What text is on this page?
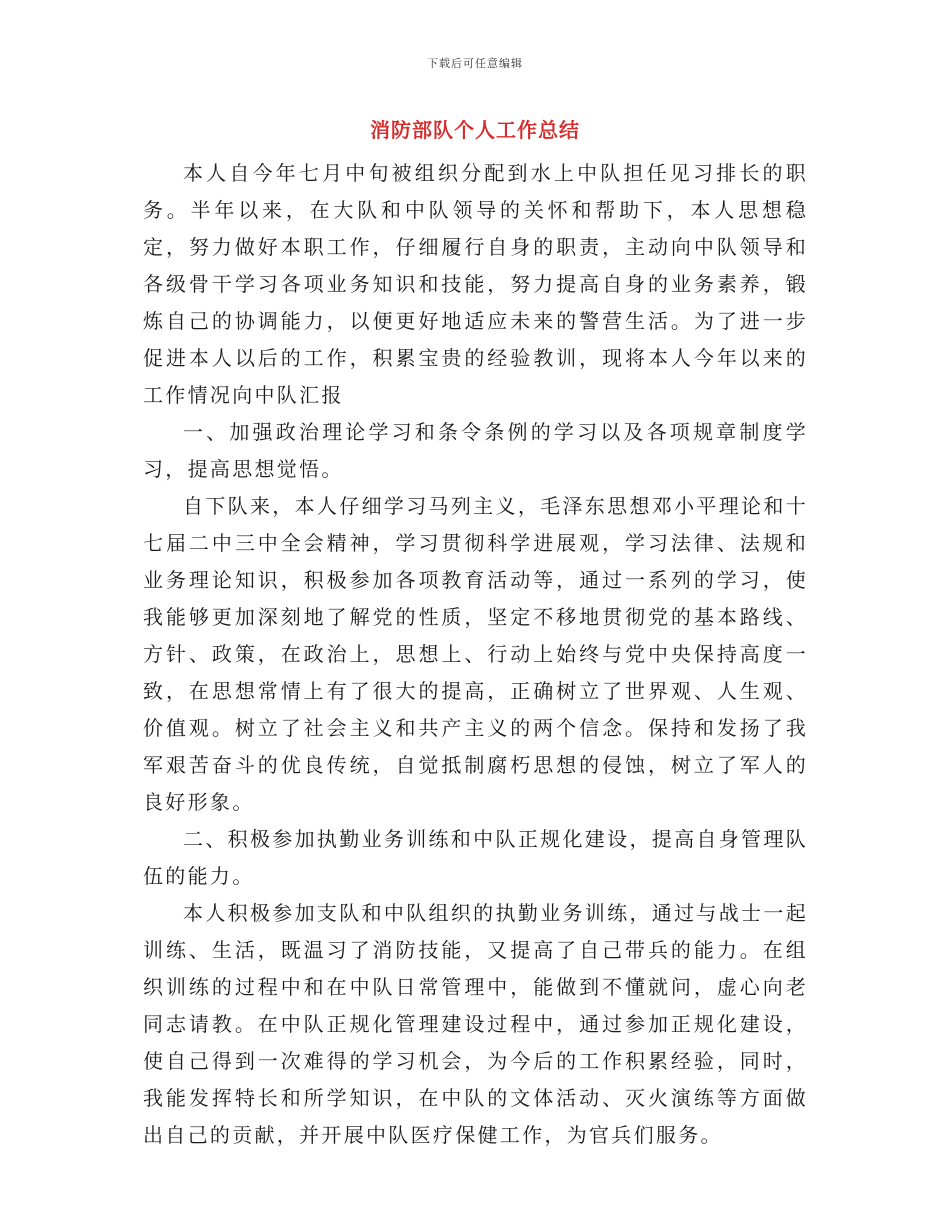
下载后可任意编辑
消防部队个人工作总结

本人自今年七月中旬被组织分配到水上中队担任见习排长的职务。半年以来，在大队和中队领导的关怀和帮助下，本人思想稳定，努力做好本职工作，仔细履行自身的职责，主动向中队领导和各级骨干学习各项业务知识和技能，努力提高自身的业务素养，锻炼自己的协调能力，以便更好地适应未来的警营生活。为了进一步促进本人以后的工作，积累宝贵的经验教训，现将本人今年以来的工作情况向中队汇报

一、加强政治理论学习和条令条例的学习以及各项规章制度学习，提高思想觉悟。

自下队来，本人仔细学习马列主义，毛泽东思想邓小平理论和十七届二中三中全会精神，学习贯彻科学进展观，学习法律、法规和业务理论知识，积极参加各项教育活动等，通过一系列的学习，使我能够更加深刻地了解党的性质，坚定不移地贯彻党的基本路线、方针、政策，在政治上，思想上、行动上始终与党中央保持高度一致，在思想常情上有了很大的提高，正确树立了世界观、人生观、价值观。树立了社会主义和共产主义的两个信念。保持和发扬了我军艰苦奋斗的优良传统，自觉抵制腐朽思想的侵蚀，树立了军人的良好形象。

二、积极参加执勤业务训练和中队正规化建设，提高自身管理队伍的能力。

本人积极参加支队和中队组织的执勤业务训练，通过与战士一起训练、生活，既温习了消防技能，又提高了自己带兵的能力。在组织训练的过程中和在中队日常管理中，能做到不懂就问，虚心向老同志请教。在中队正规化管理建设过程中，通过参加正规化建设，使自己得到一次难得的学习机会，为今后的工作积累经验，同时，我能发挥特长和所学知识，在中队的文体活动、灭火演练等方面做出自己的贡献，并开展中队医疗保健工作，为官兵们服务。
